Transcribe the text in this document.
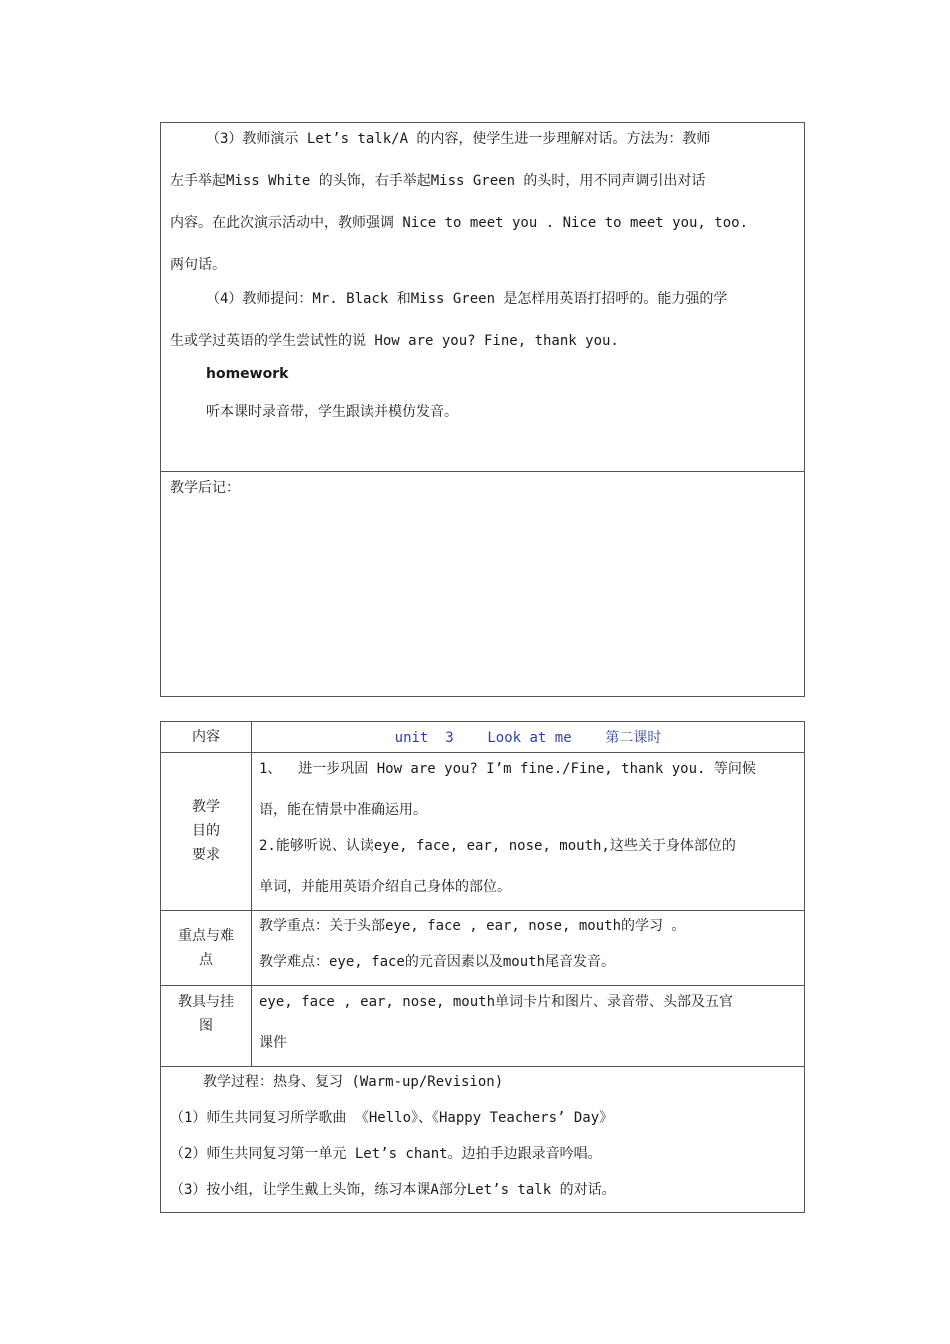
（3）教师演示 Let’s talk/A 的内容，使学生进一步理解对话。方法为：教师
左手举起Miss White 的头饰，右手举起Miss Green 的头时，用不同声调引出对话
内容。在此次演示活动中，教师强调 Nice to meet you . Nice to meet you, too.
两句话。
（4）教师提问：Mr. Black 和Miss Green 是怎样用英语打招呼的。能力强的学
生或学过英语的学生尝试性的说 How are you? Fine, thank you.
homework
听本课时录音带，学生跟读并模仿发音。
教学后记：
内容	unit  3    Look at me    第二课时
教学
目的
要求
1、  进一步巩固 How are you? I’m fine./Fine, thank you. 等问候
语，能在情景中准确运用。
2.能够听说、认读eye, face, ear, nose, mouth,这些关于身体部位的
单词，并能用英语介绍自己身体的部位。
重点与难
点
教学重点：关于头部eye, face , ear, nose, mouth的学习 。
教学难点：eye, face的元音因素以及mouth尾音发音。
教具与挂
图
eye, face , ear, nose, mouth单词卡片和图片、录音带、头部及五官
课件
教学过程：热身、复习 (Warm-up/Revision)
（1）师生共同复习所学歌曲 《Hello》、《Happy Teachers’ Day》
（2）师生共同复习第一单元 Let’s chant。边拍手边跟录音吟唱。
（3）按小组，让学生戴上头饰，练习本课A部分Let’s talk 的对话。
